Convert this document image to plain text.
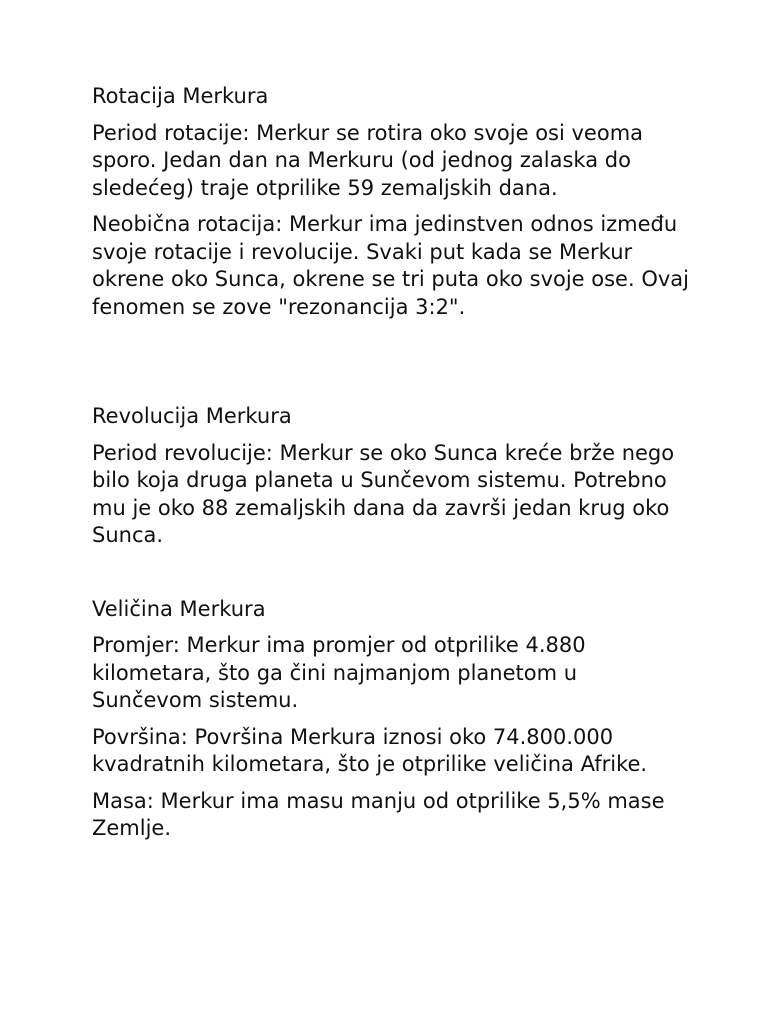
Rotacija Merkura

Period rotacije: Merkur se rotira oko svoje osi veoma sporo. Jedan dan na Merkuru (od jednog zalaska do sledećeg) traje otprilike 59 zemaljskih dana.

Neobična rotacija: Merkur ima jedinstven odnos između svoje rotacije i revolucije. Svaki put kada se Merkur okrene oko Sunca, okrene se tri puta oko svoje ose. Ovaj fenomen se zove "rezonancija 3:2".

Revolucija Merkura

Period revolucije: Merkur se oko Sunca kreće brže nego bilo koja druga planeta u Sunčevom sistemu. Potrebno mu je oko 88 zemaljskih dana da završi jedan krug oko Sunca.

Veličina Merkura

Promjer: Merkur ima promjer od otprilike 4.880 kilometara, što ga čini najmanjom planetom u Sunčevom sistemu.

Površina: Površina Merkura iznosi oko 74.800.000 kvadratnih kilometara, što je otprilike veličina Afrike.

Masa: Merkur ima masu manju od otprilike 5,5% mase Zemlje.
